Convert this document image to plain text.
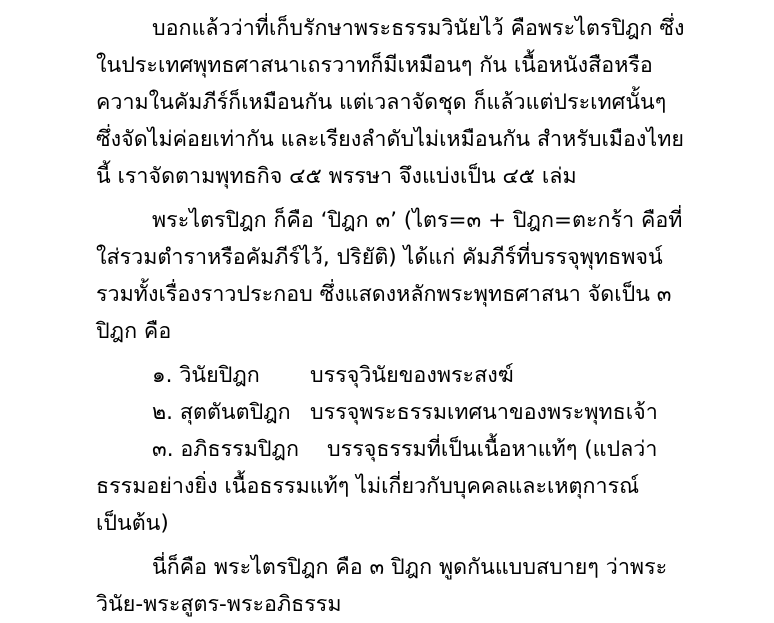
บอกแล้วว่าที่เก็บรักษาพระธรรมวินัยไว้ คือพระไตรปิฎก ซึ่งในประเทศพุทธศาสนาเถรวาทก็มีเหมือนๆ กัน เนื้อหนังสือหรือความในคัมภีร์ก็เหมือนกัน แต่เวลาจัดชุด ก็แล้วแต่ประเทศนั้นๆ ซึ่งจัดไม่ค่อยเท่ากัน และเรียงลำดับไม่เหมือนกัน สำหรับเมืองไทยนี้ เราจัดตามพุทธกิจ ๔๕ พรรษา จึงแบ่งเป็น ๔๕ เล่ม

พระไตรปิฎก ก็คือ ‘ปิฎก ๓’ (ไตร=๓ + ปิฎก=ตะกร้า คือที่ใส่รวมตำราหรือคัมภีร์ไว้, ปริยัติ) ได้แก่ คัมภีร์ที่บรรจุพุทธพจน์รวมทั้งเรื่องราวประกอบ ซึ่งแสดงหลักพระพุทธศาสนา จัดเป็น ๓ ปิฎก คือ

๑. วินัยปิฎก บรรจุวินัยของพระสงฆ์
๒. สุตตันตปิฎก บรรจุพระธรรมเทศนาของพระพุทธเจ้า
๓. อภิธรรมปิฎก บรรจุธรรมที่เป็นเนื้อหาแท้ๆ (แปลว่า

ธรรมอย่างยิ่ง เนื้อธรรมแท้ๆ ไม่เกี่ยวกับบุคคลและเหตุการณ์เป็นต้น)

นี่ก็คือ พระไตรปิฎก คือ ๓ ปิฎก พูดกันแบบสบายๆ ว่าพระวินัย-พระสูตร-พระอภิธรรม
